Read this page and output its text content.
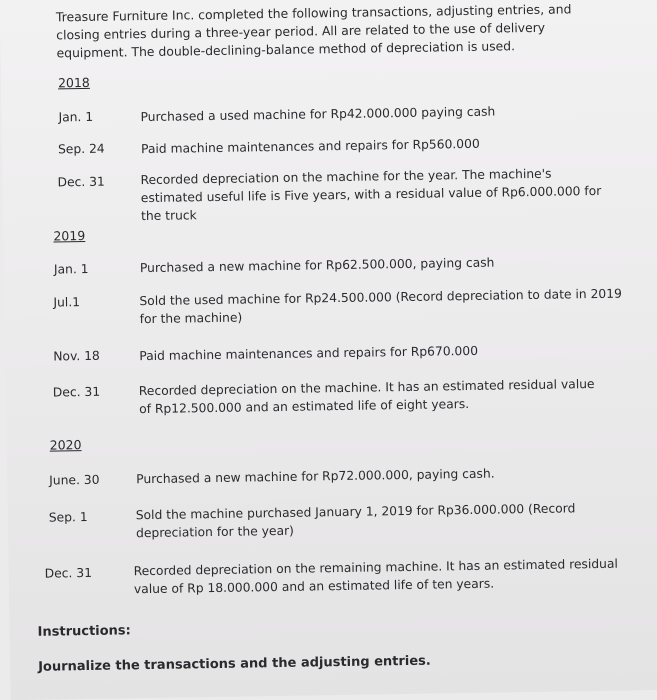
Treasure Furniture Inc. completed the following transactions, adjusting entries, and closing entries during a three-year period. All are related to the use of delivery equipment. The double-declining-balance method of depreciation is used.
2018
Jan. 1	Purchased a used machine for Rp42.000.000 paying cash
Sep. 24	Paid machine maintenances and repairs for Rp560.000
Dec. 31	Recorded depreciation on the machine for the year. The machine's estimated useful life is Five years, with a residual value of Rp6.000.000 for the truck
2019
Jan. 1	Purchased a new machine for Rp62.500.000, paying cash
Jul.1	Sold the used machine for Rp24.500.000 (Record depreciation to date in 2019 for the machine)
Nov. 18	Paid machine maintenances and repairs for Rp670.000
Dec. 31	Recorded depreciation on the machine. It has an estimated residual value of Rp12.500.000 and an estimated life of eight years.
2020
June. 30	Purchased a new machine for Rp72.000.000, paying cash.
Sep. 1	Sold the machine purchased January 1, 2019 for Rp36.000.000 (Record depreciation for the year)
Dec. 31	Recorded depreciation on the remaining machine. It has an estimated residual value of Rp 18.000.000 and an estimated life of ten years.
Instructions:
Journalize the transactions and the adjusting entries.
